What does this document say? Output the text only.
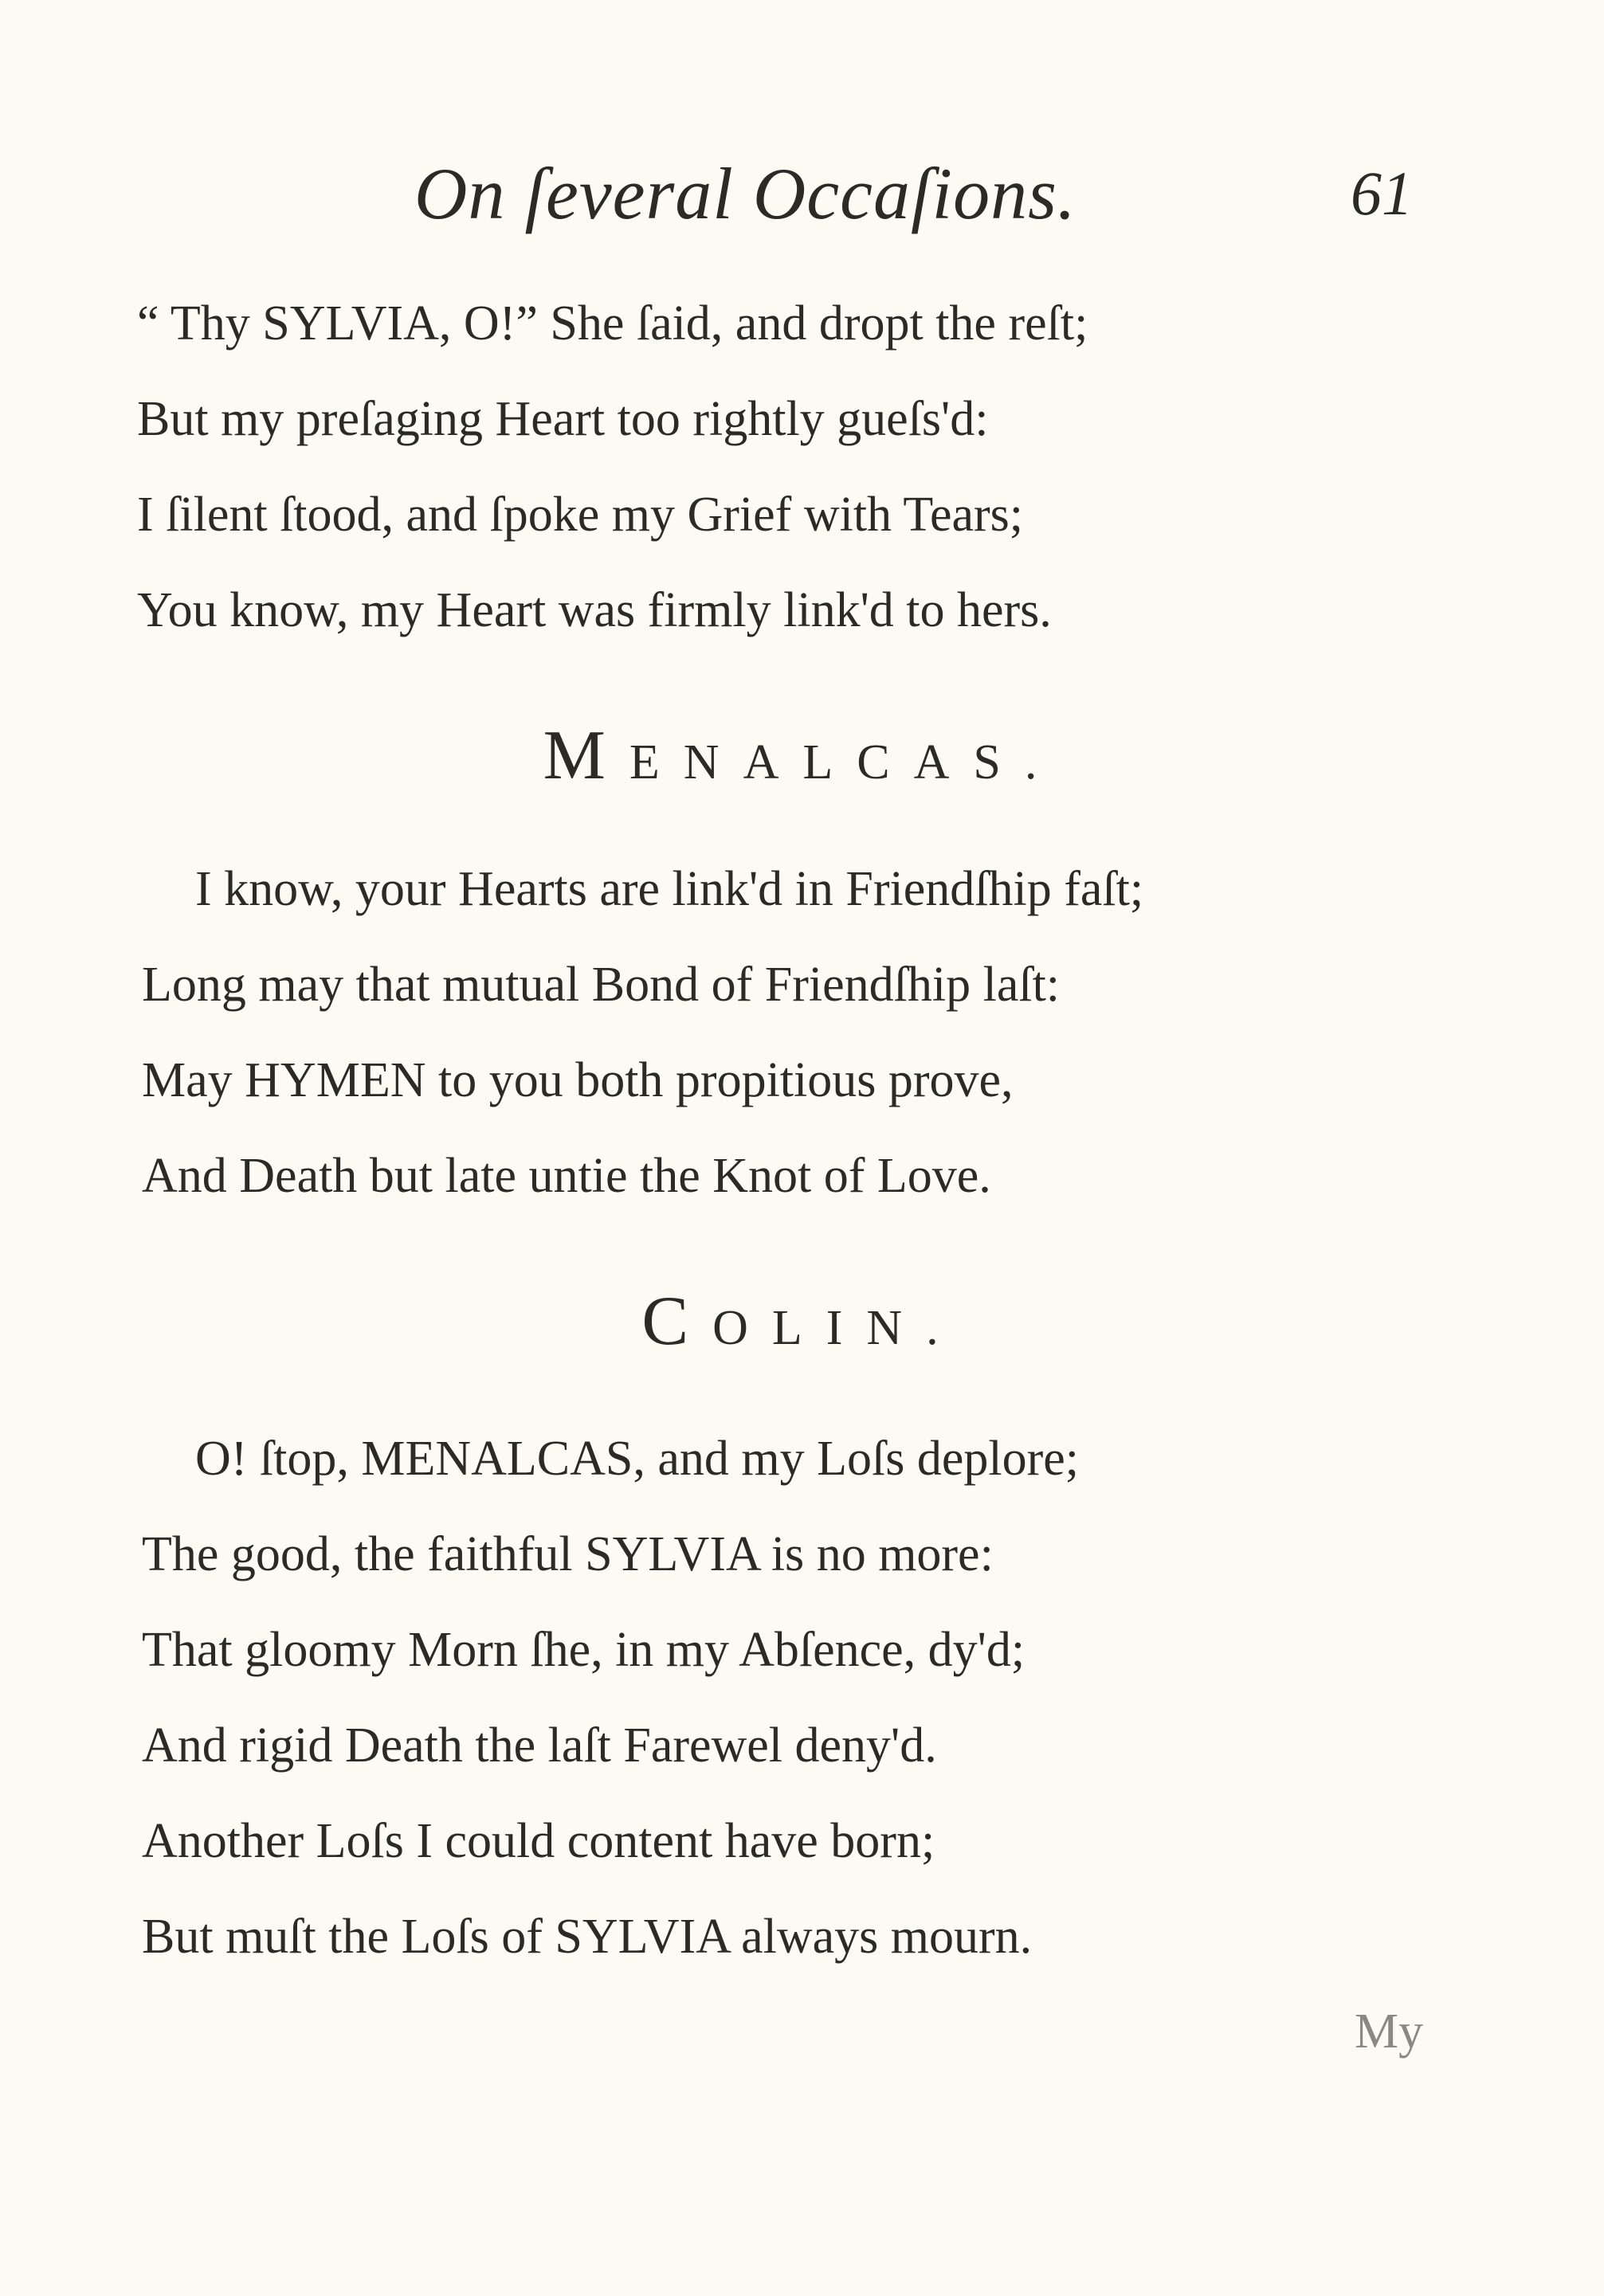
On ſeveral Occaſions.	61
“ Thy SYLVIA, O!” She ſaid, and dropt the reſt;
But my preſaging Heart too rightly gueſs'd:
I ſilent ſtood, and ſpoke my Grief with Tears;
You know, my Heart was firmly link'd to hers.
MENALCAS.
I know, your Hearts are link'd in Friendſhip faſt;
Long may that mutual Bond of Friendſhip laſt:
May HYMEN to you both propitious prove,
And Death but late untie the Knot of Love.
COLIN.
O! ſtop, MENALCAS, and my Loſs deplore;
The good, the faithful SYLVIA is no more:
That gloomy Morn ſhe, in my Abſence, dy'd;
And rigid Death the laſt Farewel deny'd.
Another Loſs I could content have born;
But muſt the Loſs of SYLVIA always mourn.
My
